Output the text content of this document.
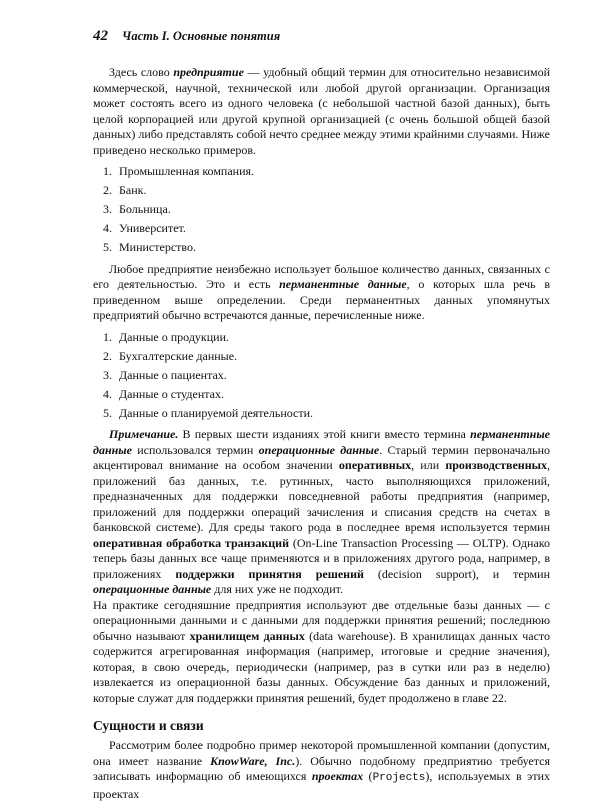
42 Часть I. Основные понятия

Здесь слово предприятие — удобный общий термин для относительно независимой коммерческой, научной, технической или любой другой организации. Организация может состоять всего из одного человека (с небольшой частной базой данных), быть целой корпорацией или другой крупной организацией (с очень большой общей базой данных) либо представлять собой нечто среднее между этими крайними случаями. Ниже приведено несколько примеров.

1. Промышленная компания.
2. Банк.
3. Больница.
4. Университет.
5. Министерство.

Любое предприятие неизбежно использует большое количество данных, связанных с его деятельностью. Это и есть перманентные данные, о которых шла речь в приведенном выше определении. Среди перманентных данных упомянутых предприятий обычно встречаются данные, перечисленные ниже.

1. Данные о продукции.
2. Бухгалтерские данные.
3. Данные о пациентах.
4. Данные о студентах.
5. Данные о планируемой деятельности.

Примечание. В первых шести изданиях этой книги вместо термина перманентные данные использовался термин операционные данные. Старый термин первоначально акцентировал внимание на особом значении оперативных, или производственных, приложений баз данных, т.е. рутинных, часто выполняющихся приложений, предназначенных для поддержки повседневной работы предприятия (например, приложений для поддержки операций зачисления и списания средств на счетах в банковской системе). Для среды такого рода в последнее время используется термин оперативная обработка транзакций (On-Line Transaction Processing — OLTP). Однако теперь базы данных все чаще применяются и в приложениях другого рода, например, в приложениях поддержки принятия решений (decision support), и термин операционные данные для них уже не подходит.

На практике сегодняшние предприятия используют две отдельные базы данных — с операционными данными и с данными для поддержки принятия решений; последнюю обычно называют хранилищем данных (data warehouse). В хранилищах данных часто содержится агрегированная информация (например, итоговые и средние значения), которая, в свою очередь, периодически (например, раз в сутки или раз в неделю) извлекается из операционной базы данных. Обсуждение баз данных и приложений, которые служат для поддержки принятия решений, будет продолжено в главе 22.

Сущности и связи

Рассмотрим более подробно пример некоторой промышленной компании (допустим, она имеет название KnowWare, Inc.). Обычно подобному предприятию требуется записывать информацию об имеющихся проектах (Projects), используемых в этих проектах
